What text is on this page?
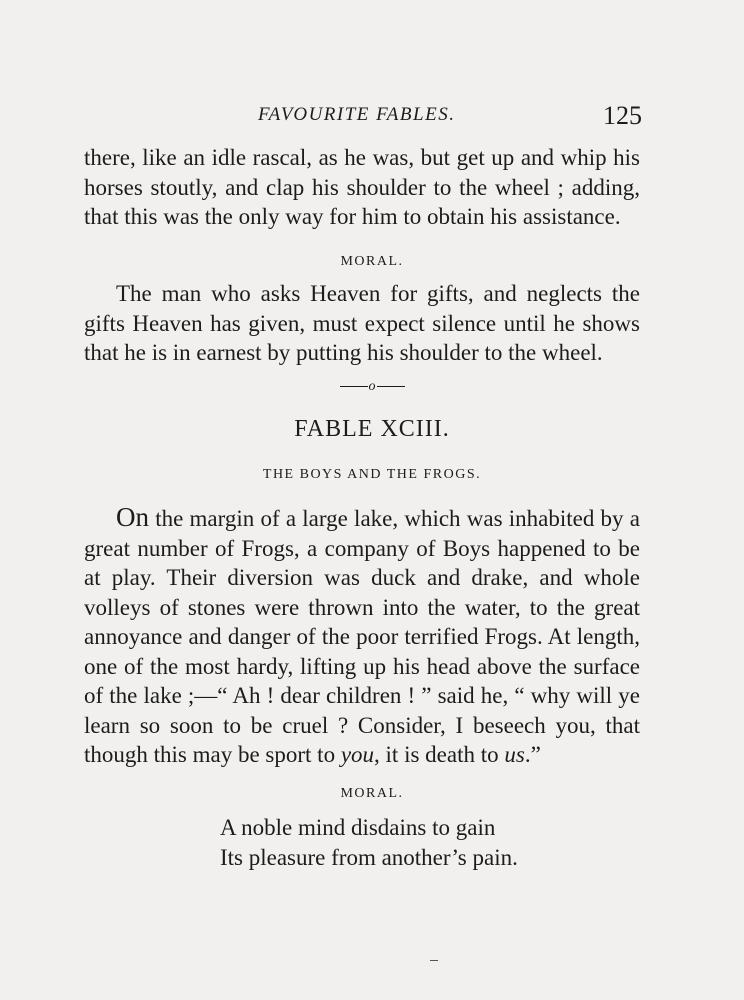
FAVOURITE FABLES.	125

there, like an idle rascal, as he was, but get up and whip his horses stoutly, and clap his shoulder to the wheel ; adding, that this was the only way for him to obtain his assistance.

MORAL.

The man who asks Heaven for gifts, and neglects the gifts Heaven has given, must expect silence until he shows that he is in earnest by putting his shoulder to the wheel.

o
FABLE XCIII.
THE BOYS AND THE FROGS.

On the margin of a large lake, which was inhabited by a great number of Frogs, a company of Boys happened to be at play. Their diversion was duck and drake, and whole volleys of stones were thrown into the water, to the great annoyance and danger of the poor terrified Frogs. At length, one of the most hardy, lifting up his head above the surface of the lake ;—“ Ah ! dear children ! ” said he, “ why will ye learn so soon to be cruel ? Consider, I beseech you, that though this may be sport to you, it is death to us.”

MORAL.
A noble mind disdains to gain
Its pleasure from another’s pain.
